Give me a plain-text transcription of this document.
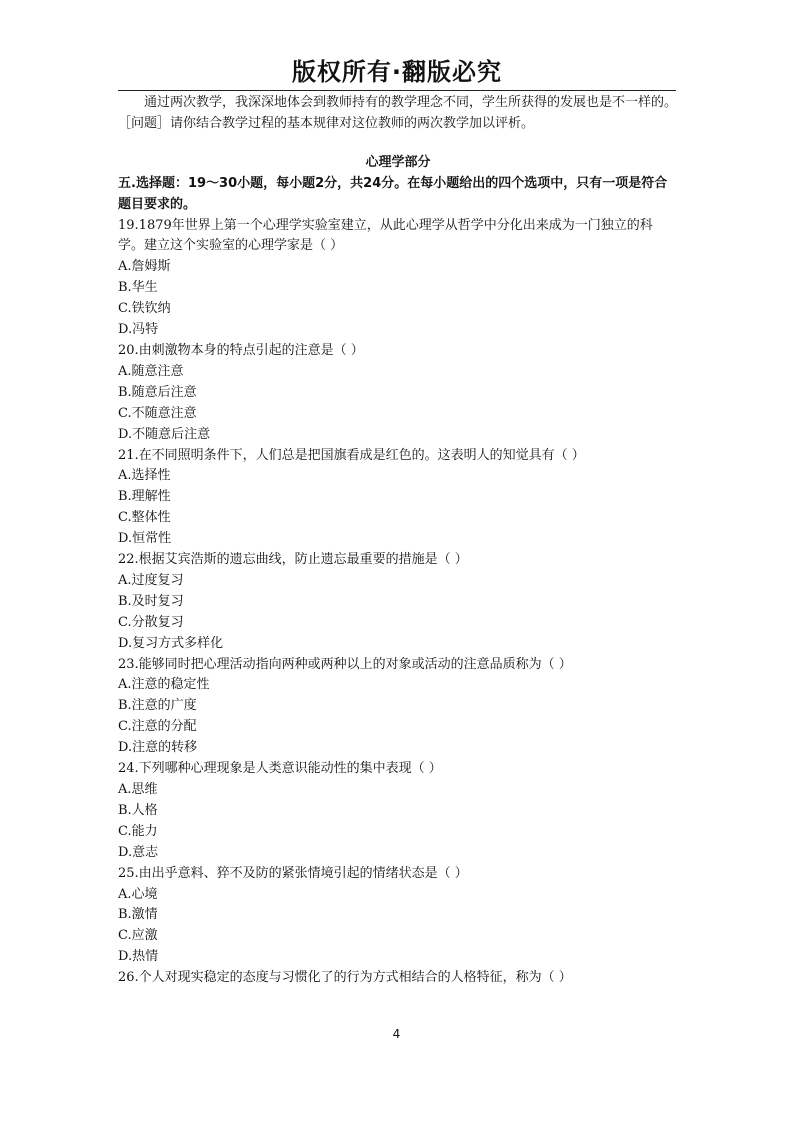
版权所有·翻版必究

通过两次教学，我深深地体会到教师持有的教学理念不同，学生所获得的发展也是不一样的。

［问题］请你结合教学过程的基本规律对这位教师的两次教学加以评析。

心理学部分

五.选择题：19～30小题，每小题2分，共24分。在每小题给出的四个选项中，只有一项是符合题目要求的。

19.1879年世界上第一个心理学实验室建立，从此心理学从哲学中分化出来成为一门独立的科学。建立这个实验室的心理学家是（ ）

A.詹姆斯

B.华生

C.铁钦纳

D.冯特

20.由刺激物本身的特点引起的注意是（ ）

A.随意注意

B.随意后注意

C.不随意注意

D.不随意后注意

21.在不同照明条件下，人们总是把国旗看成是红色的。这表明人的知觉具有（ ）

A.选择性

B.理解性

C.整体性

D.恒常性

22.根据艾宾浩斯的遗忘曲线，防止遗忘最重要的措施是（ ）

A.过度复习

B.及时复习

C.分散复习

D.复习方式多样化

23.能够同时把心理活动指向两种或两种以上的对象或活动的注意品质称为（ ）

A.注意的稳定性

B.注意的广度

C.注意的分配

D.注意的转移

24.下列哪种心理现象是人类意识能动性的集中表现（ ）

A.思维

B.人格

C.能力

D.意志

25.由出乎意料、猝不及防的紧张情境引起的情绪状态是（ ）

A.心境

B.激情

C.应激

D.热情

26.个人对现实稳定的态度与习惯化了的行为方式相结合的人格特征，称为（ ）

4
